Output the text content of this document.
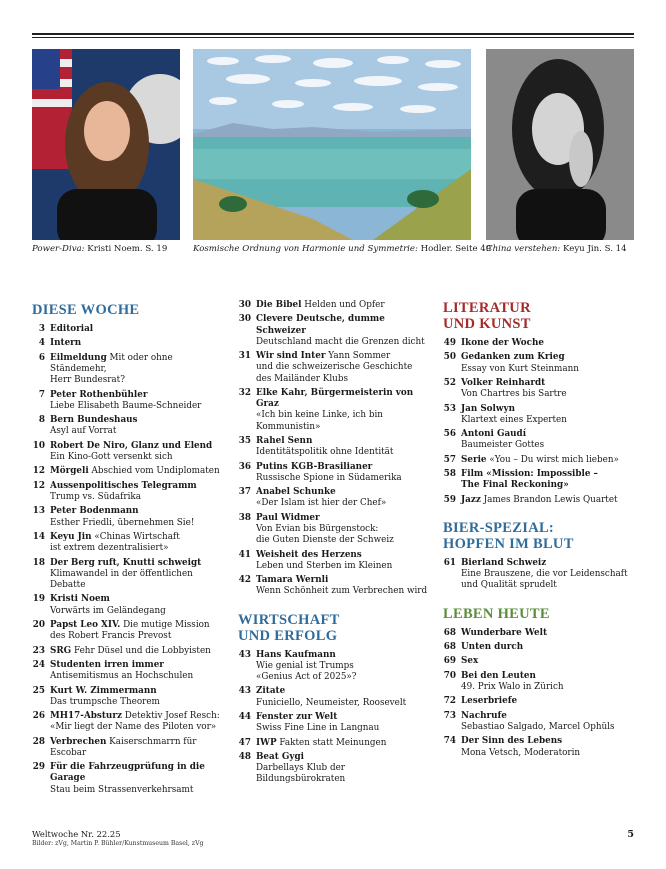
Power-Diva: Kristi Noem. S. 19	Kosmische Ordnung von Harmonie und Symmetrie: Hodler. Seite 49
China verstehen: Keyu Jin. S. 14
DIESE WOCHE
3 Editorial
4 Intern
6 Eilmeldung Mit oder ohne Ständemehr,
Herr Bundesrat?
7 Peter Rothenbühler
Liebe Elisabeth Baume-Schneider
8 Bern Bundeshaus
Asyl auf Vorrat
10 Robert De Niro, Glanz und Elend
Ein Kino-Gott versenkt sich
12 Mörgeli Abschied vom Undiplomaten
12 Aussenpolitisches Telegramm
Trump vs. Südafrika
13 Peter Bodenmann
Esther Friedli, übernehmen Sie!
14 Keyu Jin «Chinas Wirtschaft
ist extrem dezentralisiert»
18 Der Berg ruft, Knutti schweigt
Klimawandel in der öffentlichen Debatte
19 Kristi Noem
Vorwärts im Geländegang
20 Papst Leo XIV. Die mutige Mission
des Robert Francis Prevost
23 SRG Fehr Düsel und die Lobbyisten
24 Studenten irren immer
Antisemitismus an Hochschulen
25 Kurt W. Zimmermann
Das trumpsche Theorem
26 MH17-Absturz Detektiv Josef Resch:
«Mir liegt der Name des Piloten vor»
28 Verbrechen Kaiserschmarrn für Escobar
29 Für die Fahrzeugprüfung in die Garage
Stau beim Strassenverkehrsamt
30 Die Bibel Helden und Opfer
30 Clevere Deutsche, dumme Schweizer
Deutschland macht die Grenzen dicht
31 Wir sind Inter Yann Sommer
und die schweizerische Geschichte
des Mailänder Klubs
32 Elke Kahr, Bürgermeisterin von Graz
«Ich bin keine Linke, ich bin Kommunistin»
35 Rahel Senn
Identitätspolitik ohne Identität
36 Putins KGB-Brasilianer
Russische Spione in Südamerika
37 Anabel Schunke
«Der Islam ist hier der Chef»
38 Paul Widmer
Von Evian bis Bürgenstock:
die Guten Dienste der Schweiz
41 Weisheit des Herzens
Leben und Sterben im Kleinen
42 Tamara Wernli
Wenn Schönheit zum Verbrechen wird
WIRTSCHAFT
UND ERFOLG
43 Hans Kaufmann
Wie genial ist Trumps
«Genius Act of 2025»?
43 Zitate
Funiciello, Neumeister, Roosevelt
44 Fenster zur Welt
Swiss Fine Line in Langnau
47 IWP Fakten statt Meinungen
48 Beat Gygi
Darbellays Klub der Bildungsbürokraten
LITERATUR
UND KUNST
49 Ikone der Woche
50 Gedanken zum Krieg
Essay von Kurt Steinmann
52 Volker Reinhardt
Von Chartres bis Sartre
53 Jan Solwyn
Klartext eines Experten
56 Antoni Gaudí
Baumeister Gottes
57 Serie «You – Du wirst mich lieben»
58 Film «Mission: Impossible –
The Final Reckoning»
59 Jazz James Brandon Lewis Quartet
BIER-SPEZIAL:
HOPFEN IM BLUT
61 Bierland Schweiz
Eine Brauszene, die vor Leidenschaft
und Qualität sprudelt
LEBEN HEUTE
68 Wunderbare Welt
68 Unten durch
69 Sex
70 Bei den Leuten
49. Prix Walo in Zürich
72 Leserbriefe
73 Nachrufe
Sebastiao Salgado, Marcel Ophüls
74 Der Sinn des Lebens
Mona Vetsch, Moderatorin
Weltwoche Nr. 22.25
Bilder: zVg, Martin P. Bühler/Kunstmuseum Basel, zVg
5
